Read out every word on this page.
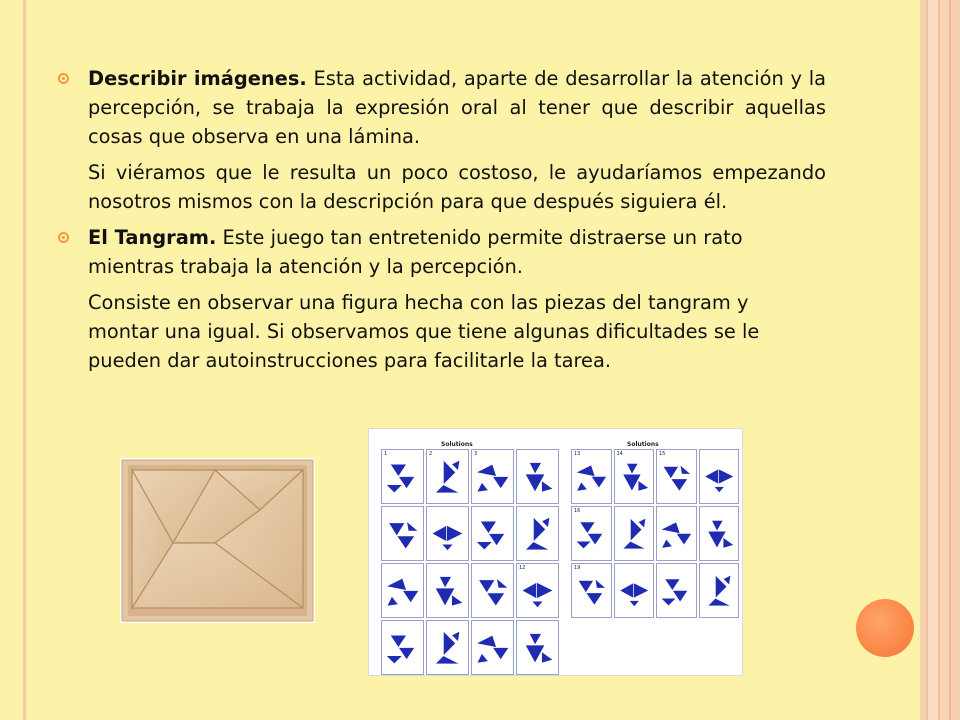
Describir imágenes. Esta actividad, aparte de desarrollar la atención y la percepción, se trabaja la expresión oral al tener que describir aquellas cosas que observa en una lámina.

Si viéramos que le resulta un poco costoso, le ayudaríamos empezando nosotros mismos con la descripción para que después siguiera él.

El Tangram. Este juego tan entretenido permite distraerse un rato mientras trabaja la atención y la percepción.

Consiste en observar una figura hecha con las piezas del tangram y montar una igual. Si observamos que tiene algunas dificultades se le pueden dar autoinstrucciones para facilitarle la tarea.

Solutions
1	2	3
12
Solutions
13	14	15
16
19
